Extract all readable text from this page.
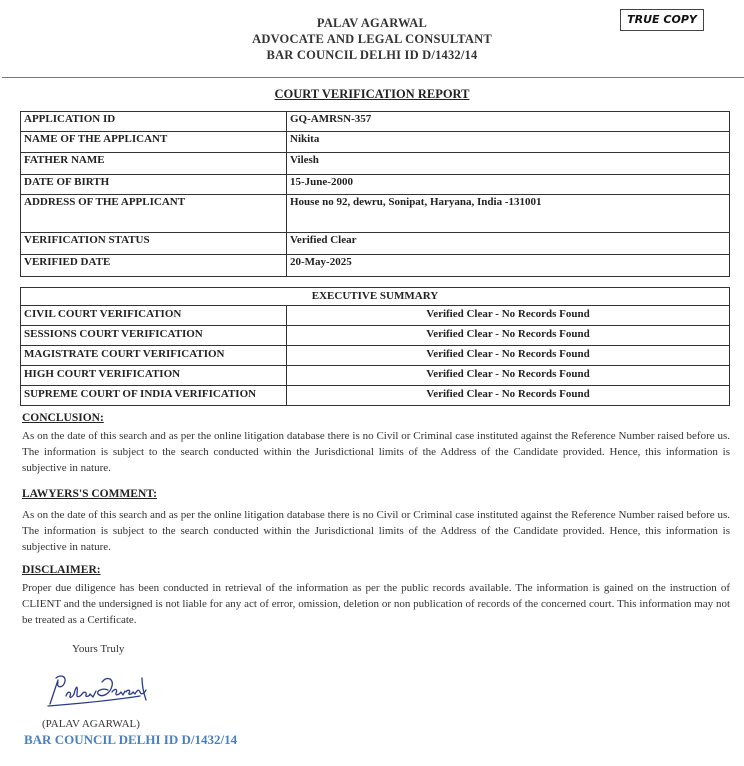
PALAV AGARWAL
ADVOCATE AND LEGAL CONSULTANT
BAR COUNCIL DELHI ID D/1432/14
TRUE COPY
COURT VERIFICATION REPORT
APPLICATION ID	GQ-AMRSN-357
NAME OF THE APPLICANT	Nikita
FATHER NAME	Vilesh
DATE OF BIRTH	15-June-2000
ADDRESS OF THE APPLICANT	House no 92, dewru, Sonipat, Haryana, India -131001
VERIFICATION STATUS	Verified Clear
VERIFIED DATE	20-May-2025
EXECUTIVE SUMMARY	
CIVIL COURT VERIFICATION	Verified Clear - No Records Found
SESSIONS COURT VERIFICATION	Verified Clear - No Records Found
MAGISTRATE COURT VERIFICATION	Verified Clear - No Records Found
HIGH COURT VERIFICATION	Verified Clear - No Records Found
SUPREME COURT OF INDIA VERIFICATION	Verified Clear - No Records Found
CONCLUSION:
As on the date of this search and as per the online litigation database there is no Civil or Criminal case instituted against the Reference Number raised before us. The information is subject to the search conducted within the Jurisdictional limits of the Address of the Candidate provided. Hence, this information is subjective in nature.
LAWYERS'S COMMENT:
As on the date of this search and as per the online litigation database there is no Civil or Criminal case instituted against the Reference Number raised before us. The information is subject to the search conducted within the Jurisdictional limits of the Address of the Candidate provided. Hence, this information is subjective in nature.
DISCLAIMER:
Proper due diligence has been conducted in retrieval of the information as per the public records available. The information is gained on the instruction of CLIENT and the undersigned is not liable for any act of error, omission, deletion or non publication of records of the concerned court. This information may not be treated as a Certificate.
Yours Truly
(PALAV AGARWAL)
BAR COUNCIL DELHI ID D/1432/14
